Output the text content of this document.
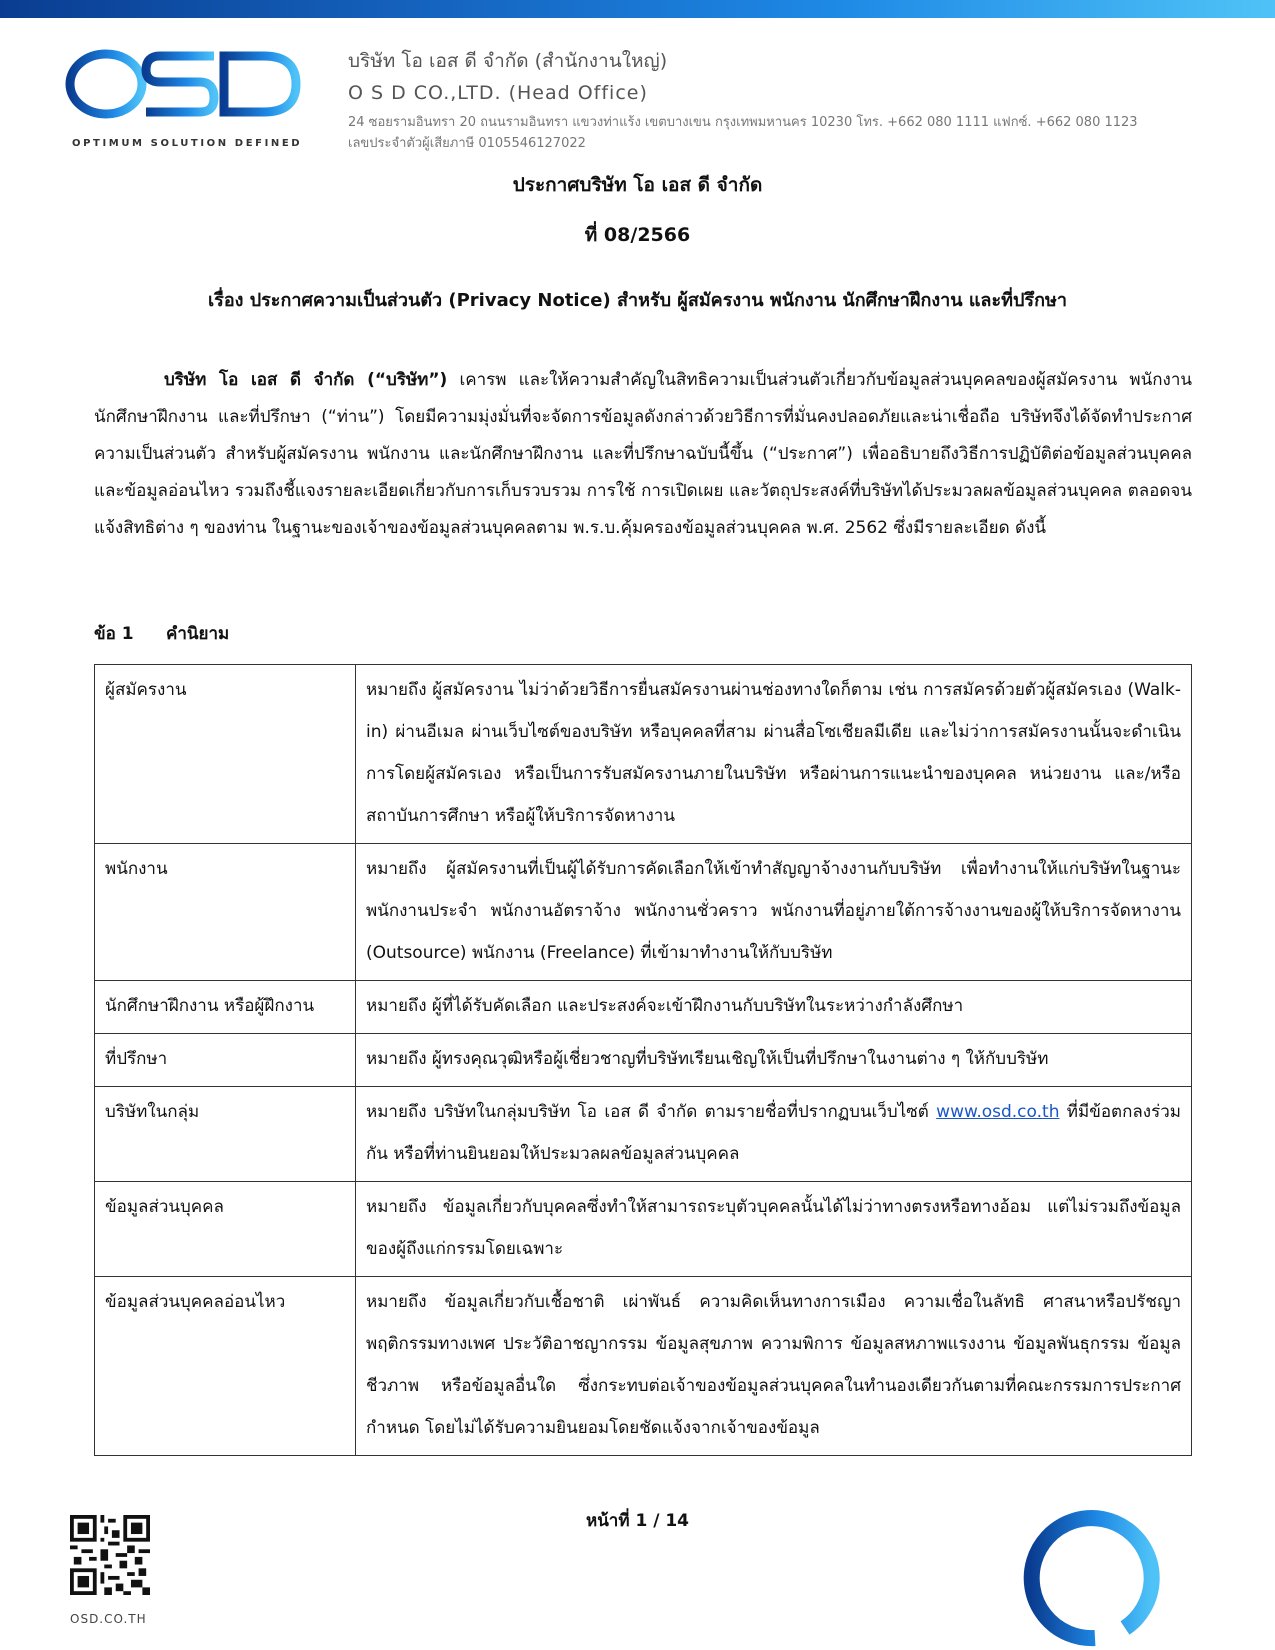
OPTIMUM SOLUTION DEFINED
บริษัท โอ เอส ดี จำกัด (สำนักงานใหญ่)
O S D CO.,LTD. (Head Office)
24 ซอยรามอินทรา 20 ถนนรามอินทรา แขวงท่าแร้ง เขตบางเขน กรุงเทพมหานคร 10230 โทร. +662 080 1111 แฟกซ์. +662 080 1123
เลขประจำตัวผู้เสียภาษี 0105546127022
ประกาศบริษัท โอ เอส ดี จำกัด
ที่ 08/2566
เรื่อง ประกาศความเป็นส่วนตัว (Privacy Notice) สำหรับ ผู้สมัครงาน พนักงาน นักศึกษาฝึกงาน และที่ปรึกษา
บริษัท โอ เอส ดี จำกัด (“บริษัท”) เคารพ และให้ความสำคัญในสิทธิความเป็นส่วนตัวเกี่ยวกับข้อมูลส่วนบุคคลของผู้สมัครงาน พนักงาน นักศึกษาฝึกงาน และที่ปรึกษา (“ท่าน”) โดยมีความมุ่งมั่นที่จะจัดการข้อมูลดังกล่าวด้วยวิธีการที่มั่นคงปลอดภัยและน่าเชื่อถือ บริษัทจึงได้จัดทำประกาศความเป็นส่วนตัว สำหรับผู้สมัครงาน พนักงาน และนักศึกษาฝึกงาน และที่ปรึกษาฉบับนี้ขึ้น (“ประกาศ”) เพื่ออธิบายถึงวิธีการปฏิบัติต่อข้อมูลส่วนบุคคล และข้อมูลอ่อนไหว รวมถึงชี้แจงรายละเอียดเกี่ยวกับการเก็บรวบรวม การใช้ การเปิดเผย และวัตถุประสงค์ที่บริษัทได้ประมวลผลข้อมูลส่วนบุคคล ตลอดจนแจ้งสิทธิต่าง ๆ ของท่าน ในฐานะของเจ้าของข้อมูลส่วนบุคคลตาม พ.ร.บ.คุ้มครองข้อมูลส่วนบุคคล พ.ศ. 2562 ซึ่งมีรายละเอียด ดังนี้
ข้อ 1 คำนิยาม
ผู้สมัครงาน	หมายถึง ผู้สมัครงาน ไม่ว่าด้วยวิธีการยื่นสมัครงานผ่านช่องทางใดก็ตาม เช่น การสมัครด้วยตัวผู้สมัครเอง (Walk-in) ผ่านอีเมล ผ่านเว็บไซต์ของบริษัท หรือบุคคลที่สาม ผ่านสื่อโซเชียลมีเดีย และไม่ว่าการสมัครงานนั้นจะดำเนินการโดยผู้สมัครเอง หรือเป็นการรับสมัครงานภายในบริษัท หรือผ่านการแนะนำของบุคคล หน่วยงาน และ/หรือสถาบันการศึกษา หรือผู้ให้บริการจัดหางาน
พนักงาน	หมายถึง ผู้สมัครงานที่เป็นผู้ได้รับการคัดเลือกให้เข้าทำสัญญาจ้างงานกับบริษัท เพื่อทำงานให้แก่บริษัทในฐานะพนักงานประจำ พนักงานอัตราจ้าง พนักงานชั่วคราว พนักงานที่อยู่ภายใต้การจ้างงานของผู้ให้บริการจัดหางาน (Outsource) พนักงาน (Freelance) ที่เข้ามาทำงานให้กับบริษัท
นักศึกษาฝึกงาน หรือผู้ฝึกงาน	หมายถึง ผู้ที่ได้รับคัดเลือก และประสงค์จะเข้าฝึกงานกับบริษัทในระหว่างกำลังศึกษา
ที่ปรึกษา	หมายถึง ผู้ทรงคุณวุฒิหรือผู้เชี่ยวชาญที่บริษัทเรียนเชิญให้เป็นที่ปรึกษาในงานต่าง ๆ ให้กับบริษัท
บริษัทในกลุ่ม	หมายถึง บริษัทในกลุ่มบริษัท โอ เอส ดี จำกัด ตามรายชื่อที่ปรากฏบนเว็บไซต์ www.osd.co.th ที่มีข้อตกลงร่วมกัน หรือที่ท่านยินยอมให้ประมวลผลข้อมูลส่วนบุคคล
ข้อมูลส่วนบุคคล	หมายถึง ข้อมูลเกี่ยวกับบุคคลซึ่งทำให้สามารถระบุตัวบุคคลนั้นได้ไม่ว่าทางตรงหรือทางอ้อม แต่ไม่รวมถึงข้อมูลของผู้ถึงแก่กรรมโดยเฉพาะ
ข้อมูลส่วนบุคคลอ่อนไหว	หมายถึง ข้อมูลเกี่ยวกับเชื้อชาติ เผ่าพันธ์ ความคิดเห็นทางการเมือง ความเชื่อในลัทธิ ศาสนาหรือปรัชญา พฤติกรรมทางเพศ ประวัติอาชญากรรม ข้อมูลสุขภาพ ความพิการ ข้อมูลสหภาพแรงงาน ข้อมูลพันธุกรรม ข้อมูลชีวภาพ หรือข้อมูลอื่นใด ซึ่งกระทบต่อเจ้าของข้อมูลส่วนบุคคลในทำนองเดียวกันตามที่คณะกรรมการประกาศกำหนด โดยไม่ได้รับความยินยอมโดยชัดแจ้งจากเจ้าของข้อมูล
OSD.CO.TH
หน้าที่ 1 / 14
